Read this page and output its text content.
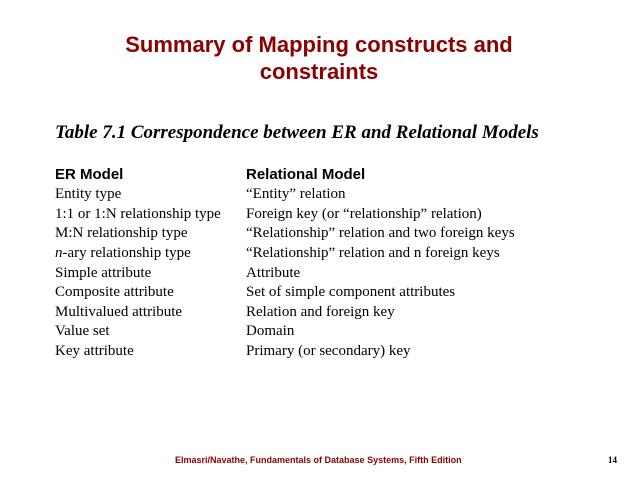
Summary of Mapping constructs and
constraints
Table 7.1 Correspondence between ER and Relational Models
ER Model	Relational Model
Entity type	“Entity” relation
1:1 or 1:N relationship type	Foreign key (or “relationship” relation)
M:N relationship type	“Relationship” relation and two foreign keys
n-ary relationship type	“Relationship” relation and n foreign keys
Simple attribute	Attribute
Composite attribute	Set of simple component attributes
Multivalued attribute	Relation and foreign key
Value set	Domain
Key attribute	Primary (or secondary) key
Elmasri/Navathe, Fundamentals of Database Systems, Fifth Edition	14
